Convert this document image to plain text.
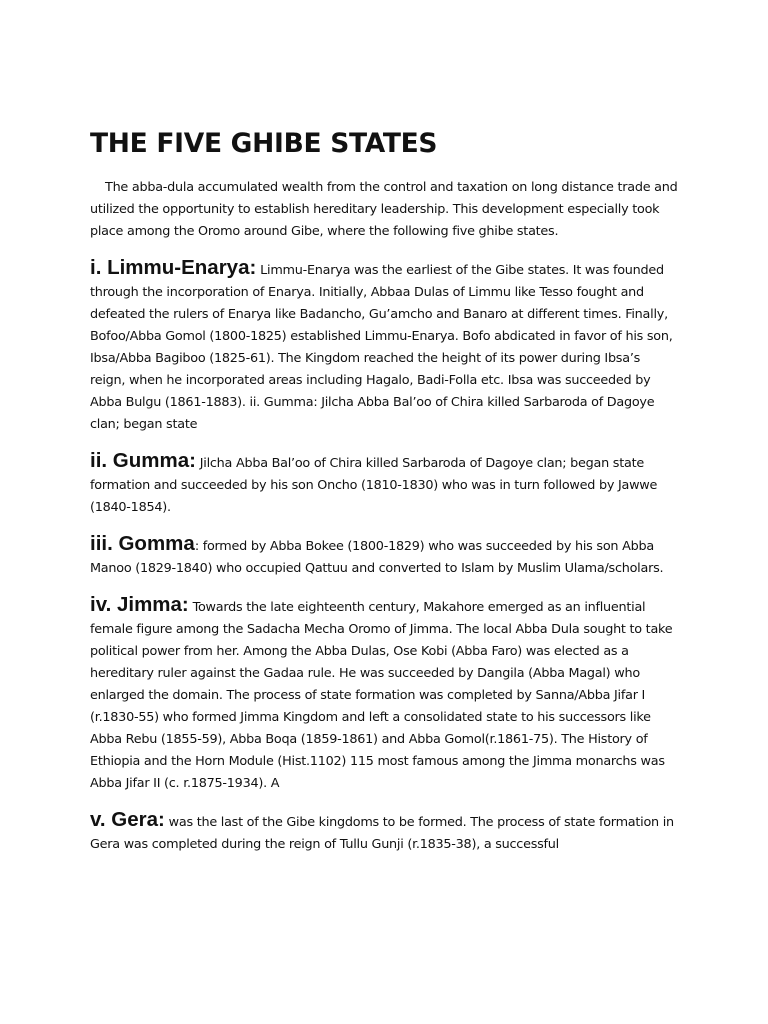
THE FIVE GHIBE STATES

The abba-dula accumulated wealth from the control and taxation on long distance trade and utilized the opportunity to establish hereditary leadership. This development especially took place among the Oromo around Gibe, where the following five ghibe states.

i. Limmu-Enarya: Limmu-Enarya was the earliest of the Gibe states. It was founded through the incorporation of Enarya. Initially, Abbaa Dulas of Limmu like Tesso fought and defeated the rulers of Enarya like Badancho, Gu’amcho and Banaro at different times. Finally, Bofoo/Abba Gomol (1800-1825) established Limmu-Enarya. Bofo abdicated in favor of his son, Ibsa/Abba Bagiboo (1825-61). The Kingdom reached the height of its power during Ibsa’s reign, when he incorporated areas including Hagalo, Badi-Folla etc. Ibsa was succeeded by Abba Bulgu (1861-1883). ii. Gumma: Jilcha Abba Bal’oo of Chira killed Sarbaroda of Dagoye clan; began state

ii. Gumma: Jilcha Abba Bal’oo of Chira killed Sarbaroda of Dagoye clan; began state formation and succeeded by his son Oncho (1810-1830) who was in turn followed by Jawwe (1840-1854).

iii. Gomma: formed by Abba Bokee (1800-1829) who was succeeded by his son Abba Manoo (1829-1840) who occupied Qattuu and converted to Islam by Muslim Ulama/scholars.

iv. Jimma: Towards the late eighteenth century, Makahore emerged as an influential female figure among the Sadacha Mecha Oromo of Jimma. The local Abba Dula sought to take political power from her. Among the Abba Dulas, Ose Kobi (Abba Faro) was elected as a hereditary ruler against the Gadaa rule. He was succeeded by Dangila (Abba Magal) who enlarged the domain. The process of state formation was completed by Sanna/Abba Jifar I (r.1830-55) who formed Jimma Kingdom and left a consolidated state to his successors like Abba Rebu (1855-59), Abba Boqa (1859-1861) and Abba Gomol(r.1861-75). The History of Ethiopia and the Horn Module (Hist.1102) 115 most famous among the Jimma monarchs was Abba Jifar II (c. r.1875-1934). A

v. Gera: was the last of the Gibe kingdoms to be formed. The process of state formation in Gera was completed during the reign of Tullu Gunji (r.1835-38), a successful
